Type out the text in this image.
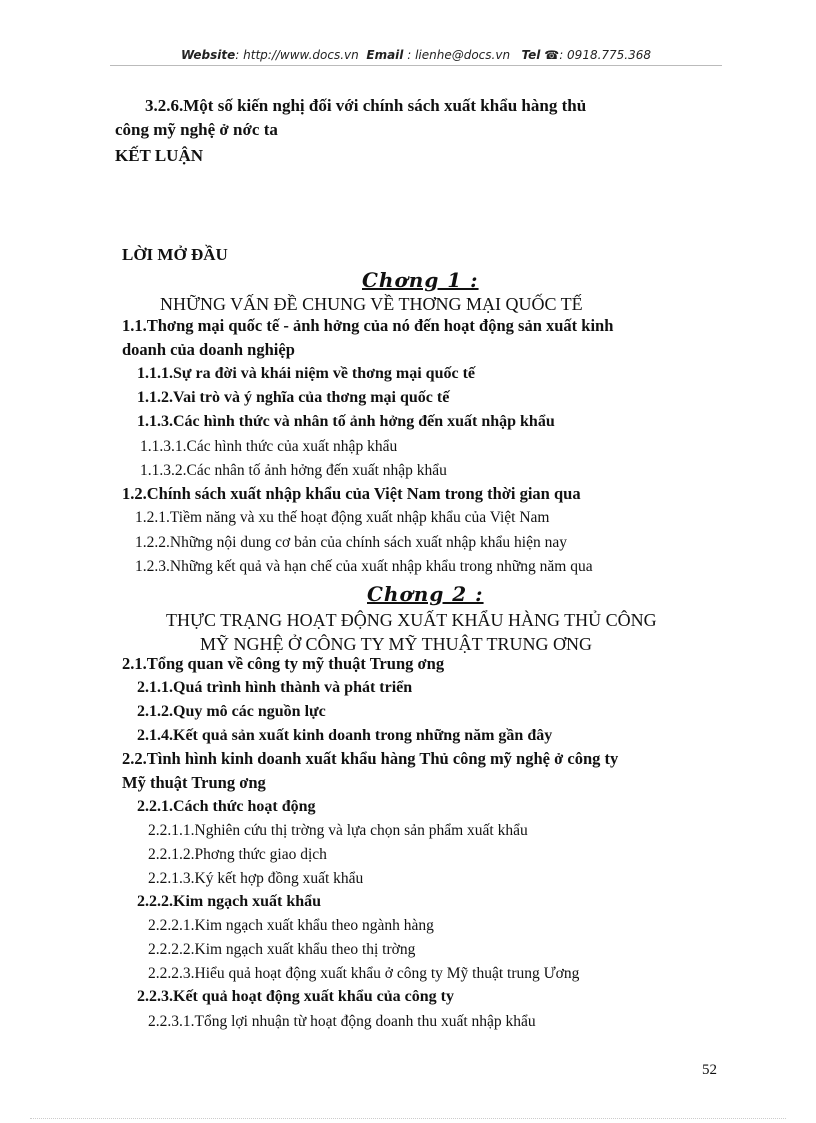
Website: http://www.docs.vn Email : lienhe@docs.vn Tel ☎: 0918.775.368
3.2.6.Một số kiến nghị đối với chính sách xuất khẩu hàng thủ
công mỹ nghệ ở nớc ta
KẾT LUẬN
LỜI MỞ ĐẦU
Chơng 1 :
NHỮNG VẤN ĐỀ CHUNG VỀ THƠNG MẠI QUỐC TẾ
1.1.Thơng mại quốc tế - ảnh hởng của nó đến hoạt động sản xuất kinh
doanh của doanh nghiệp
1.1.1.Sự ra đời và khái niệm về thơng mại quốc tế
1.1.2.Vai trò và ý nghĩa của thơng mại quốc tế
1.1.3.Các hình thức và nhân tố ảnh hởng đến xuất nhập khẩu
1.1.3.1.Các hình thức của xuất nhập khẩu
1.1.3.2.Các nhân tố ảnh hởng đến xuất nhập khẩu
1.2.Chính sách xuất nhập khẩu của Việt Nam trong thời gian qua
1.2.1.Tiềm năng và xu thế hoạt động xuất nhập khẩu của Việt Nam
1.2.2.Những nội dung cơ bản của chính sách xuất nhập khẩu hiện nay
1.2.3.Những kết quả và hạn chế của xuất nhập khẩu trong những năm qua
Chơng 2 :
THỰC TRẠNG HOẠT ĐỘNG XUẤT KHẨU HÀNG THỦ CÔNG
MỸ NGHỆ Ở CÔNG TY MỸ THUẬT TRUNG ƠNG
2.1.Tổng quan về công ty mỹ thuật Trung ơng
2.1.1.Quá trình hình thành và phát triển
2.1.2.Quy mô các nguồn lực
2.1.4.Kết quả sản xuất kinh doanh trong những năm gần đây
2.2.Tình hình kinh doanh xuất khẩu hàng Thủ công mỹ nghệ ở công ty
Mỹ thuật Trung ơng
2.2.1.Cách thức hoạt động
2.2.1.1.Nghiên cứu thị trờng và lựa chọn sản phẩm xuất khẩu
2.2.1.2.Phơng thức giao dịch
2.2.1.3.Ký kết hợp đồng xuất khẩu
2.2.2.Kim ngạch xuất khẩu
2.2.2.1.Kim ngạch xuất khẩu theo ngành hàng
2.2.2.2.Kim ngạch xuất khẩu theo thị trờng
2.2.2.3.Hiểu quả hoạt động xuất khẩu ở công ty Mỹ thuật trung Ương
2.2.3.Kết quả hoạt động xuất khẩu của công ty
2.2.3.1.Tổng lợi nhuận từ hoạt động doanh thu xuất nhập khẩu
52
